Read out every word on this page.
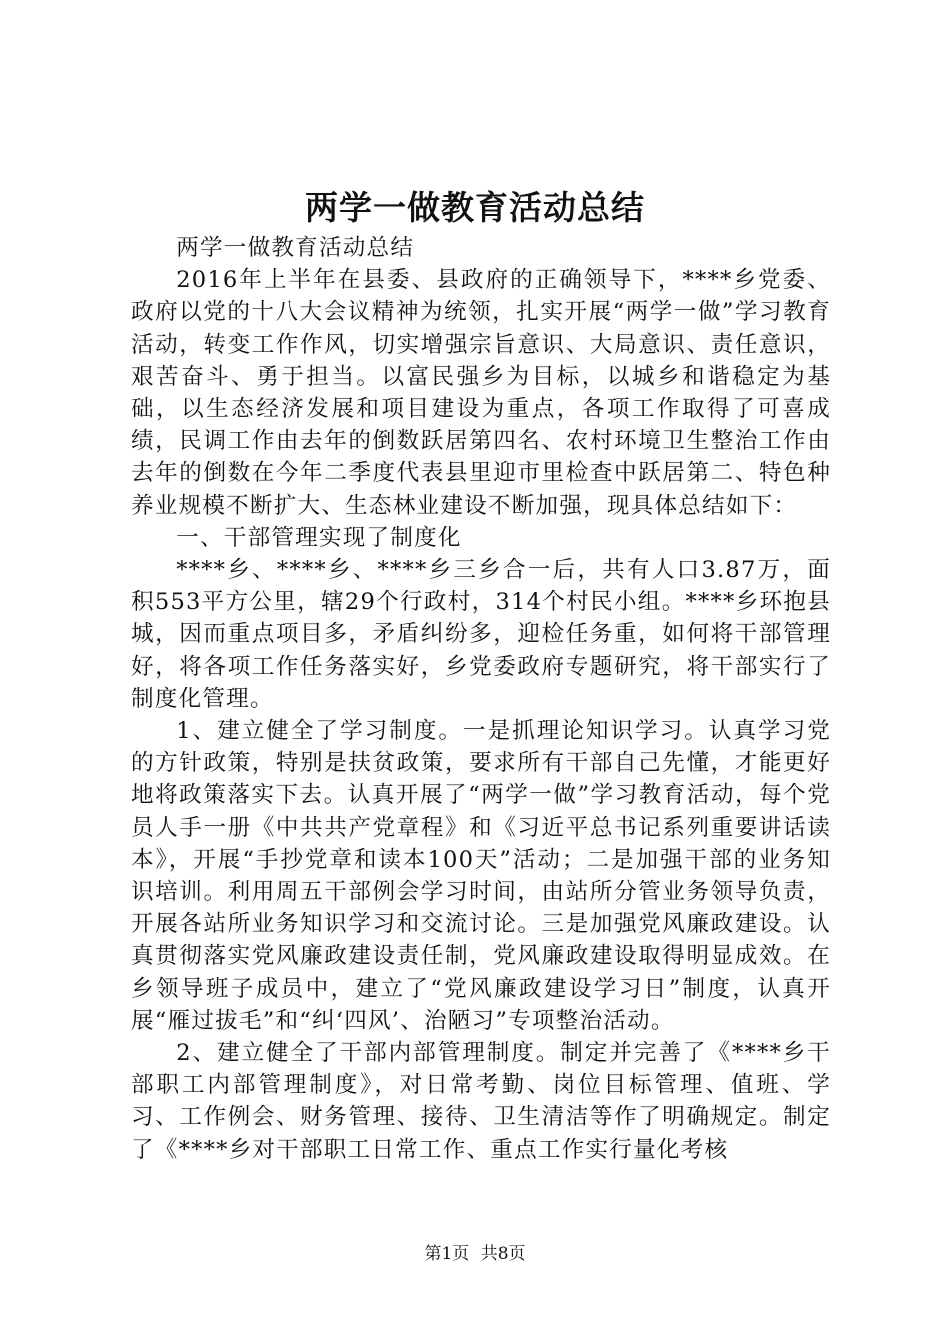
两学一做教育活动总结

两学一做教育活动总结

2016年上半年在县委、县政府的正确领导下，****乡党委、政府以党的十八大会议精神为统领，扎实开展“两学一做”学习教育活动，转变工作作风，切实增强宗旨意识、大局意识、责任意识，艰苦奋斗、勇于担当。以富民强乡为目标，以城乡和谐稳定为基础，以生态经济发展和项目建设为重点，各项工作取得了可喜成绩，民调工作由去年的倒数跃居第四名、农村环境卫生整治工作由去年的倒数在今年二季度代表县里迎市里检查中跃居第二、特色种养业规模不断扩大、生态林业建设不断加强，现具体总结如下：

一、干部管理实现了制度化

****乡、****乡、****乡三乡合一后，共有人口3.87万，面积553平方公里，辖29个行政村，314个村民小组。****乡环抱县城，因而重点项目多，矛盾纠纷多，迎检任务重，如何将干部管理好，将各项工作任务落实好，乡党委政府专题研究，将干部实行了制度化管理。

1、建立健全了学习制度。一是抓理论知识学习。认真学习党的方针政策，特别是扶贫政策，要求所有干部自己先懂，才能更好地将政策落实下去。认真开展了“两学一做”学习教育活动，每个党员人手一册《中共共产党章程》和《习近平总书记系列重要讲话读本》，开展“手抄党章和读本100天”活动；二是加强干部的业务知识培训。利用周五干部例会学习时间，由站所分管业务领导负责，开展各站所业务知识学习和交流讨论。三是加强党风廉政建设。认真贯彻落实党风廉政建设责任制，党风廉政建设取得明显成效。在乡领导班子成员中，建立了“党风廉政建设学习日”制度，认真开展“雁过拔毛”和“纠‘四风’、治陋习”专项整治活动。

2、建立健全了干部内部管理制度。制定并完善了《****乡干部职工内部管理制度》，对日常考勤、岗位目标管理、值班、学习、工作例会、财务管理、接待、卫生清洁等作了明确规定。制定了《****乡对干部职工日常工作、重点工作实行量化考核

第1页 共8页
